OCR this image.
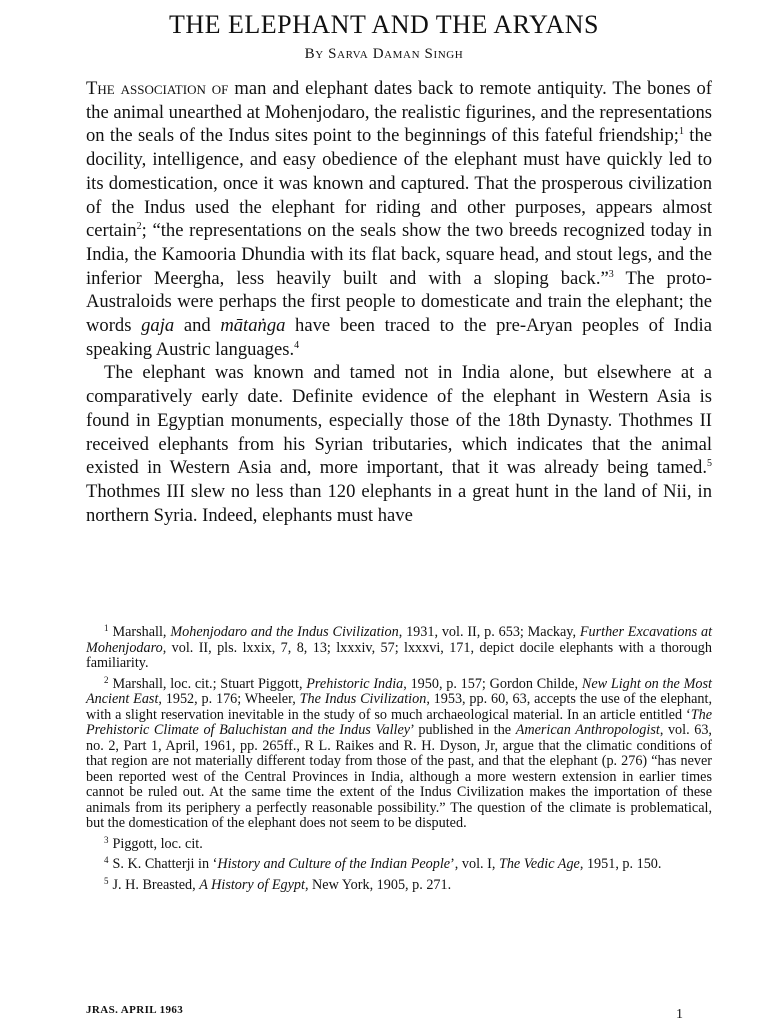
THE ELEPHANT AND THE ARYANS
By Sarva Daman Singh

The association of man and elephant dates back to remote antiquity. The bones of the animal unearthed at Mohenjodaro, the realistic figurines, and the representations on the seals of the Indus sites point to the beginnings of this fateful friendship;$^1$ the docility, intelligence, and easy obedience of the elephant must have quickly led to its domestication, once it was known and captured. That the prosperous civilization of the Indus used the elephant for riding and other purposes, appears almost certain$^2$; “the representations on the seals show the two breeds recognized today in India, the Kamooria Dhundia with its flat back, square head, and stout legs, and the inferior Meergha, less heavily built and with a sloping back.”$^3$ The proto-Australoids were perhaps the first people to domesticate and train the elephant; the words gaja and mātaṅga have been traced to the pre-Aryan peoples of India speaking Austric languages.$^4$

The elephant was known and tamed not in India alone, but elsewhere at a comparatively early date. Definite evidence of the elephant in Western Asia is found in Egyptian monuments, especially those of the 18th Dynasty. Thothmes II received elephants from his Syrian tributaries, which indicates that the animal existed in Western Asia and, more important, that it was already being tamed.$^5$ Thothmes III slew no less than 120 elephants in a great hunt in the land of Nii, in northern Syria. Indeed, elephants must have

$^1$ Marshall, Mohenjodaro and the Indus Civilization, 1931, vol. II, p. 653; Mackay, Further Excavations at Mohenjodaro, vol. II, pls. lxxix, 7, 8, 13; lxxxiv, 57; lxxxvi, 171, depict docile elephants with a thorough familiarity.

$^2$ Marshall, loc. cit.; Stuart Piggott, Prehistoric India, 1950, p. 157; Gordon Childe, New Light on the Most Ancient East, 1952, p. 176; Wheeler, The Indus Civilization, 1953, pp. 60, 63, accepts the use of the elephant, with a slight reservation inevitable in the study of so much archaeological material. In an article entitled ‘The Prehistoric Climate of Baluchistan and the Indus Valley’ published in the American Anthropologist, vol. 63, no. 2, Part 1, April, 1961, pp. 265ff., R L. Raikes and R. H. Dyson, Jr, argue that the climatic conditions of that region are not materially different today from those of the past, and that the elephant (p. 276) “has never been reported west of the Central Provinces in India, although a more western extension in earlier times cannot be ruled out. At the same time the extent of the Indus Civilization makes the importation of these animals from its periphery a perfectly reasonable possibility.” The question of the climate is problematical, but the domestication of the elephant does not seem to be disputed.

$^3$ Piggott, loc. cit.

$^4$ S. K. Chatterji in ‘History and Culture of the Indian People’, vol. I, The Vedic Age, 1951, p. 150.

$^5$ J. H. Breasted, A History of Egypt, New York, 1905, p. 271.

JRAS. APRIL 1963	1
